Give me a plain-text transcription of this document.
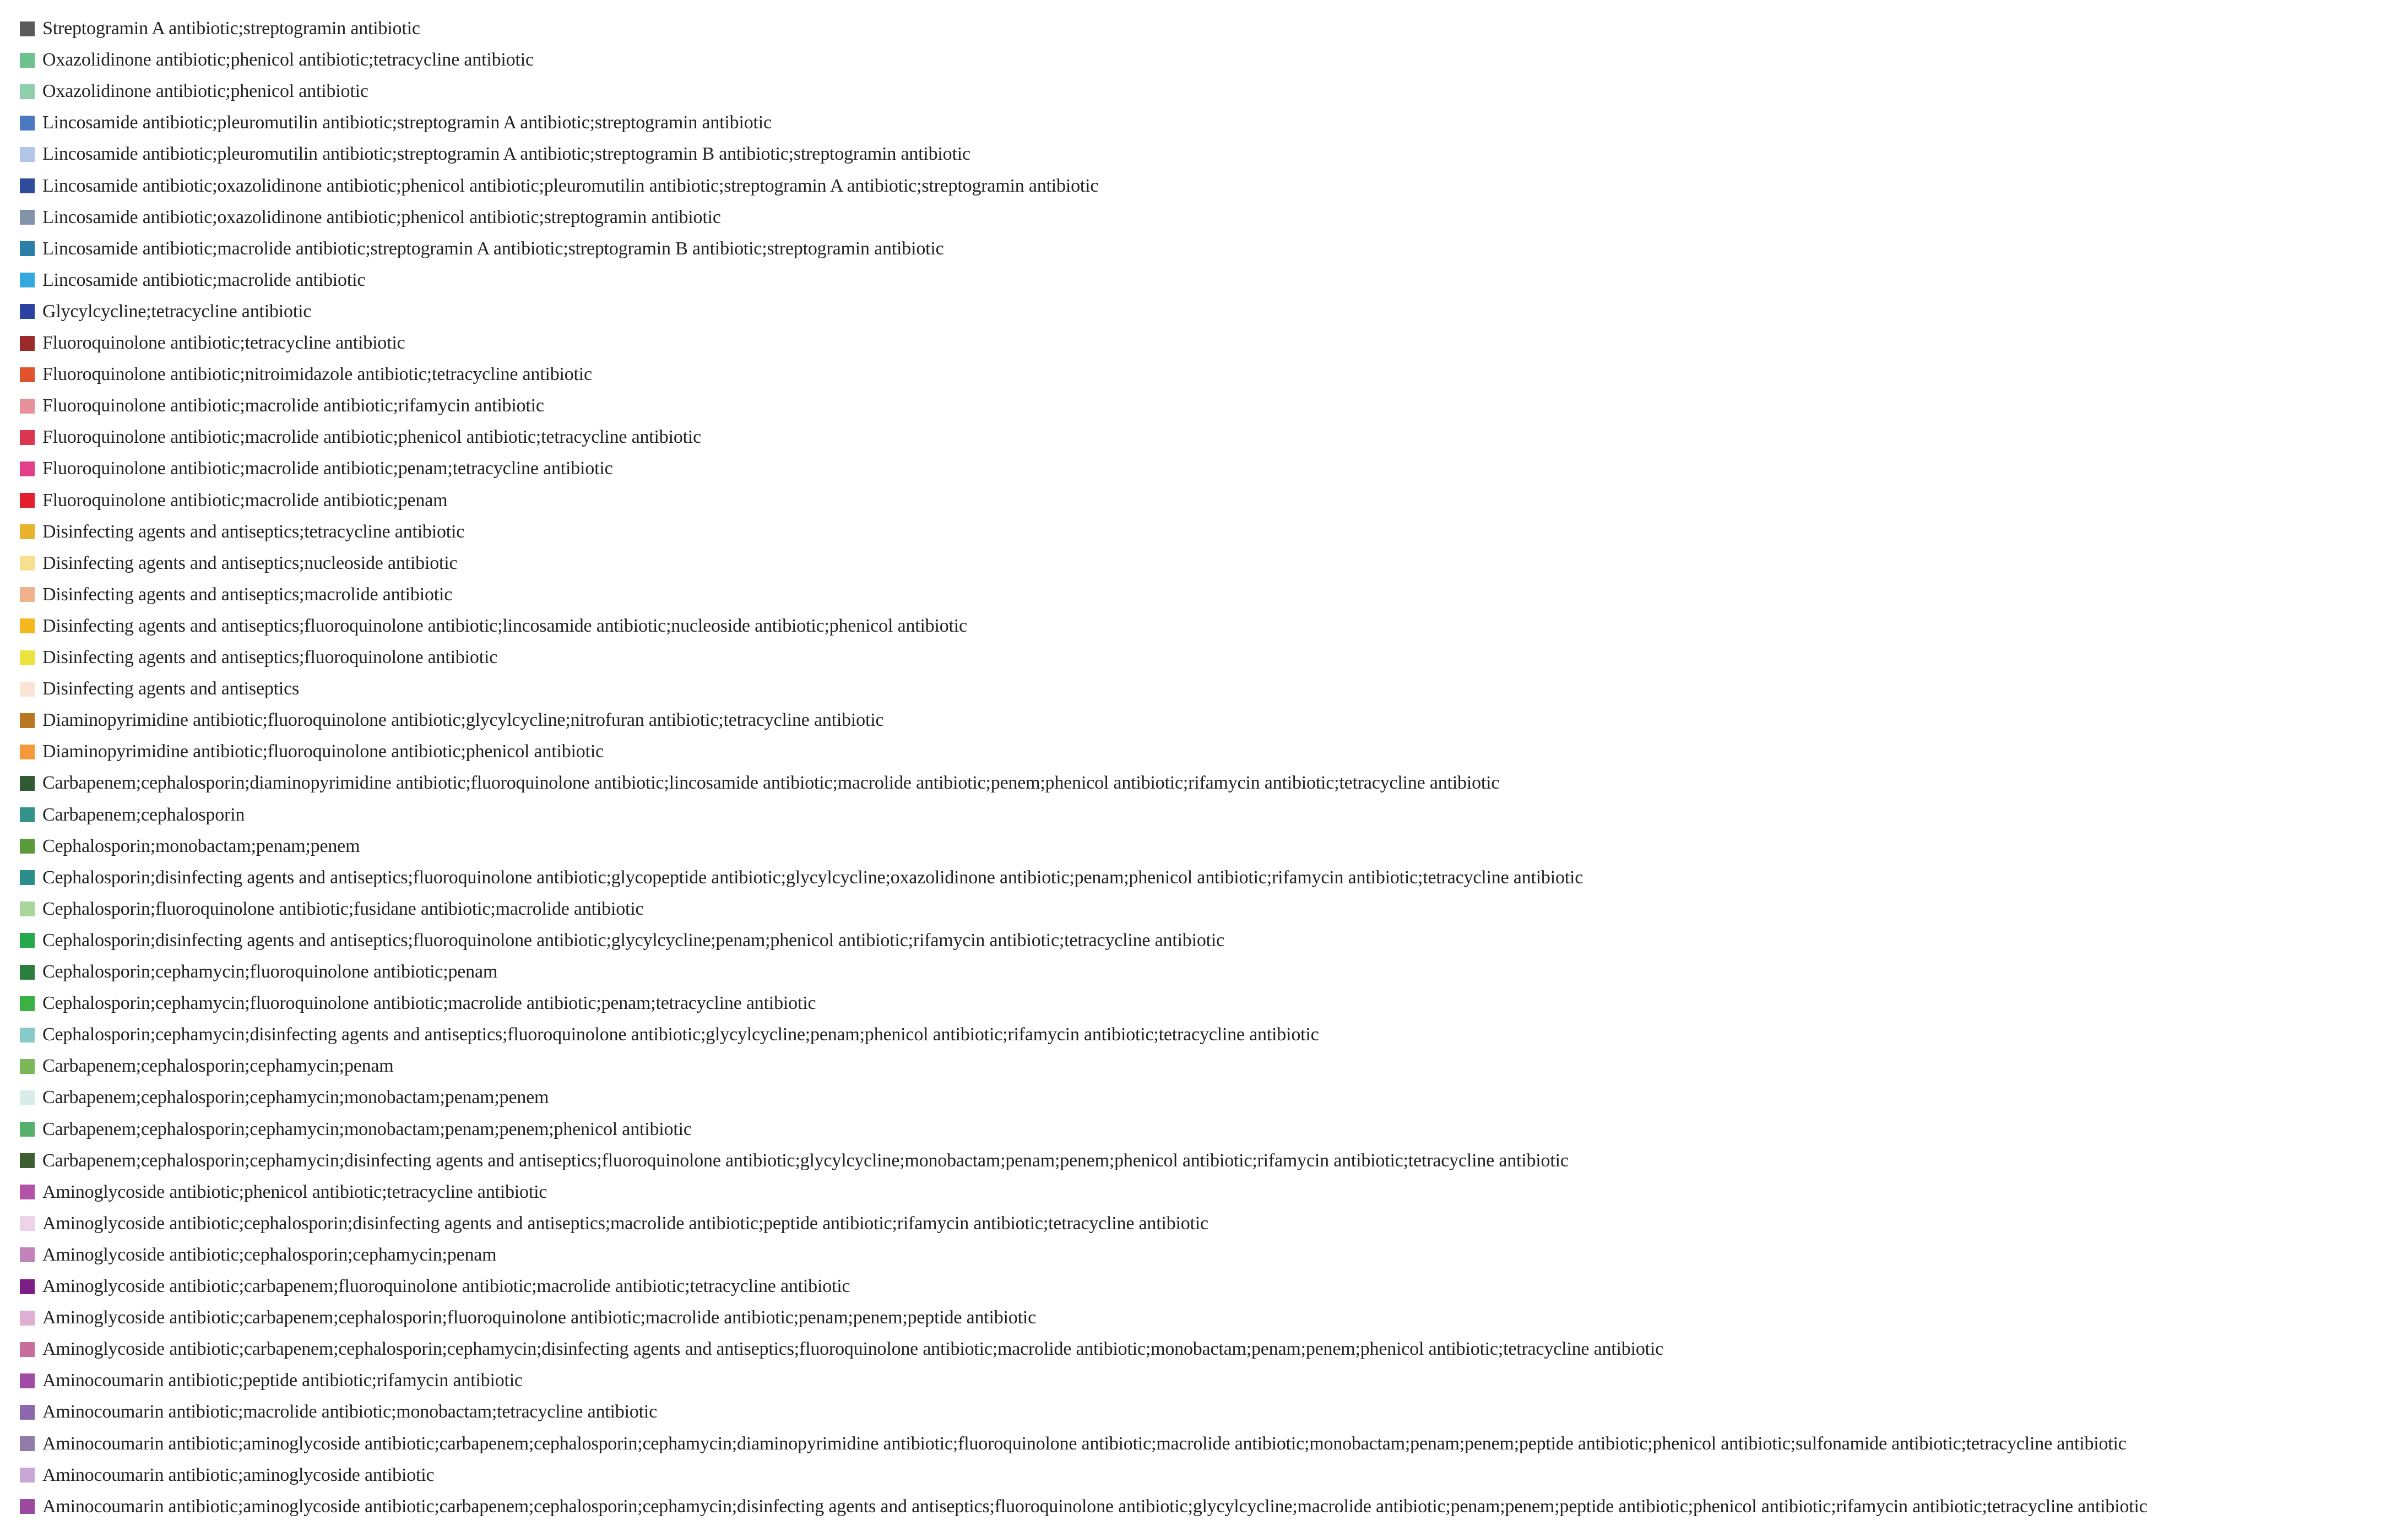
Streptogramin A antibiotic;streptogramin antibiotic
Oxazolidinone antibiotic;phenicol antibiotic;tetracycline antibiotic
Oxazolidinone antibiotic;phenicol antibiotic
Lincosamide antibiotic;pleuromutilin antibiotic;streptogramin A antibiotic;streptogramin antibiotic
Lincosamide antibiotic;pleuromutilin antibiotic;streptogramin A antibiotic;streptogramin B antibiotic;streptogramin antibiotic
Lincosamide antibiotic;oxazolidinone antibiotic;phenicol antibiotic;pleuromutilin antibiotic;streptogramin A antibiotic;streptogramin antibiotic
Lincosamide antibiotic;oxazolidinone antibiotic;phenicol antibiotic;streptogramin antibiotic
Lincosamide antibiotic;macrolide antibiotic;streptogramin A antibiotic;streptogramin B antibiotic;streptogramin antibiotic
Lincosamide antibiotic;macrolide antibiotic
Glycylcycline;tetracycline antibiotic
Fluoroquinolone antibiotic;tetracycline antibiotic
Fluoroquinolone antibiotic;nitroimidazole antibiotic;tetracycline antibiotic
Fluoroquinolone antibiotic;macrolide antibiotic;rifamycin antibiotic
Fluoroquinolone antibiotic;macrolide antibiotic;phenicol antibiotic;tetracycline antibiotic
Fluoroquinolone antibiotic;macrolide antibiotic;penam;tetracycline antibiotic
Fluoroquinolone antibiotic;macrolide antibiotic;penam
Disinfecting agents and antiseptics;tetracycline antibiotic
Disinfecting agents and antiseptics;nucleoside antibiotic
Disinfecting agents and antiseptics;macrolide antibiotic
Disinfecting agents and antiseptics;fluoroquinolone antibiotic;lincosamide antibiotic;nucleoside antibiotic;phenicol antibiotic
Disinfecting agents and antiseptics;fluoroquinolone antibiotic
Disinfecting agents and antiseptics
Diaminopyrimidine antibiotic;fluoroquinolone antibiotic;glycylcycline;nitrofuran antibiotic;tetracycline antibiotic
Diaminopyrimidine antibiotic;fluoroquinolone antibiotic;phenicol antibiotic
Carbapenem;cephalosporin;diaminopyrimidine antibiotic;fluoroquinolone antibiotic;lincosamide antibiotic;macrolide antibiotic;penem;phenicol antibiotic;rifamycin antibiotic;tetracycline antibiotic
Carbapenem;cephalosporin
Cephalosporin;monobactam;penam;penem
Cephalosporin;disinfecting agents and antiseptics;fluoroquinolone antibiotic;glycopeptide antibiotic;glycylcycline;oxazolidinone antibiotic;penam;phenicol antibiotic;rifamycin antibiotic;tetracycline antibiotic
Cephalosporin;fluoroquinolone antibiotic;fusidane antibiotic;macrolide antibiotic
Cephalosporin;disinfecting agents and antiseptics;fluoroquinolone antibiotic;glycylcycline;penam;phenicol antibiotic;rifamycin antibiotic;tetracycline antibiotic
Cephalosporin;cephamycin;fluoroquinolone antibiotic;penam
Cephalosporin;cephamycin;fluoroquinolone antibiotic;macrolide antibiotic;penam;tetracycline antibiotic
Cephalosporin;cephamycin;disinfecting agents and antiseptics;fluoroquinolone antibiotic;glycylcycline;penam;phenicol antibiotic;rifamycin antibiotic;tetracycline antibiotic
Carbapenem;cephalosporin;cephamycin;penam
Carbapenem;cephalosporin;cephamycin;monobactam;penam;penem
Carbapenem;cephalosporin;cephamycin;monobactam;penam;penem;phenicol antibiotic
Carbapenem;cephalosporin;cephamycin;disinfecting agents and antiseptics;fluoroquinolone antibiotic;glycylcycline;monobactam;penam;penem;phenicol antibiotic;rifamycin antibiotic;tetracycline antibiotic
Aminoglycoside antibiotic;phenicol antibiotic;tetracycline antibiotic
Aminoglycoside antibiotic;cephalosporin;disinfecting agents and antiseptics;macrolide antibiotic;peptide antibiotic;rifamycin antibiotic;tetracycline antibiotic
Aminoglycoside antibiotic;cephalosporin;cephamycin;penam
Aminoglycoside antibiotic;carbapenem;fluoroquinolone antibiotic;macrolide antibiotic;tetracycline antibiotic
Aminoglycoside antibiotic;carbapenem;cephalosporin;fluoroquinolone antibiotic;macrolide antibiotic;penam;penem;peptide antibiotic
Aminoglycoside antibiotic;carbapenem;cephalosporin;cephamycin;disinfecting agents and antiseptics;fluoroquinolone antibiotic;macrolide antibiotic;monobactam;penam;penem;phenicol antibiotic;tetracycline antibiotic
Aminocoumarin antibiotic;peptide antibiotic;rifamycin antibiotic
Aminocoumarin antibiotic;macrolide antibiotic;monobactam;tetracycline antibiotic
Aminocoumarin antibiotic;aminoglycoside antibiotic;carbapenem;cephalosporin;cephamycin;diaminopyrimidine antibiotic;fluoroquinolone antibiotic;macrolide antibiotic;monobactam;penam;penem;peptide antibiotic;phenicol antibiotic;sulfonamide antibiotic;tetracycline antibiotic
Aminocoumarin antibiotic;aminoglycoside antibiotic
Aminocoumarin antibiotic;aminoglycoside antibiotic;carbapenem;cephalosporin;cephamycin;disinfecting agents and antiseptics;fluoroquinolone antibiotic;glycylcycline;macrolide antibiotic;penam;penem;peptide antibiotic;phenicol antibiotic;rifamycin antibiotic;tetracycline antibiotic
